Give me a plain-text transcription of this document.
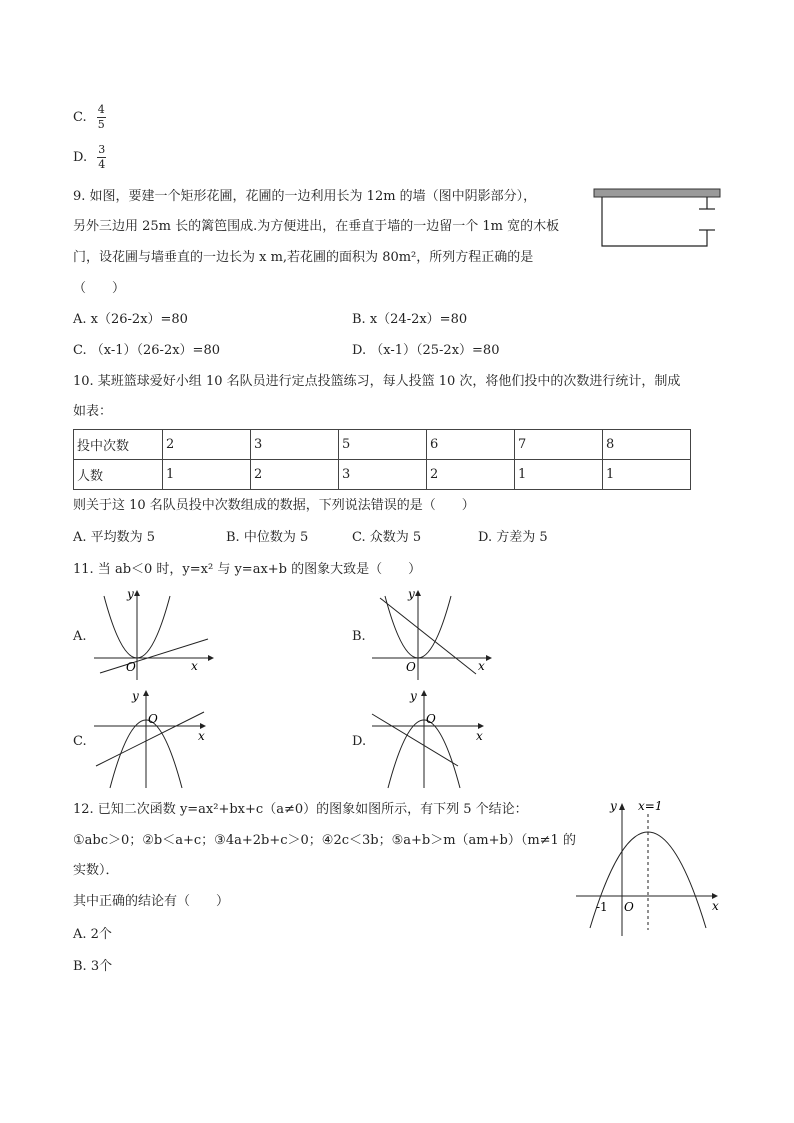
C. $\frac{4}{5}$
D. $\frac{3}{4}$
9. 如图，要建一个矩形花圃，花圃的一边利用长为 12m 的墙（图中阴影部分），
另外三边用 25m 长的篱笆围成.为方便进出，在垂直于墙的一边留一个 1m 宽的木板
门，设花圃与墙垂直的一边长为 x m,若花圃的面积为 80m²，所列方程正确的是
（　　）
A. x（26-2x）=80	B. x（24-2x）=80
C. （x-1）（26-2x）=80	D. （x-1）（25-2x）=80
10. 某班篮球爱好小组 10 名队员进行定点投篮练习，每人投篮 10 次，将他们投中的次数进行统计，制成
如表：
投中次数	2	3	5	6	7	8
人数	1	2	3	2	1	1
则关于这 10 名队员投中次数组成的数据，下列说法错误的是（　　）
A. 平均数为 5	B. 中位数为 5	C. 众数为 5	D. 方差为 5
11. 当 ab＜0 时，y=x² 与 y=ax+b 的图象大致是（　　）
A.	B.
C.	D.
O	x
y
O	x
y
O
x
y
O
x
y
12. 已知二次函数 y=ax²+bx+c（a≠0）的图象如图所示，有下列 5 个结论：
①abc＞0；②b＜a+c；③4a+2b+c＞0；④2c＜3b；⑤a+b＞m（am+b）（m≠1 的
实数）．
其中正确的结论有（　　）
A. 2个
B. 3个
x=1
y
-1 O	x
